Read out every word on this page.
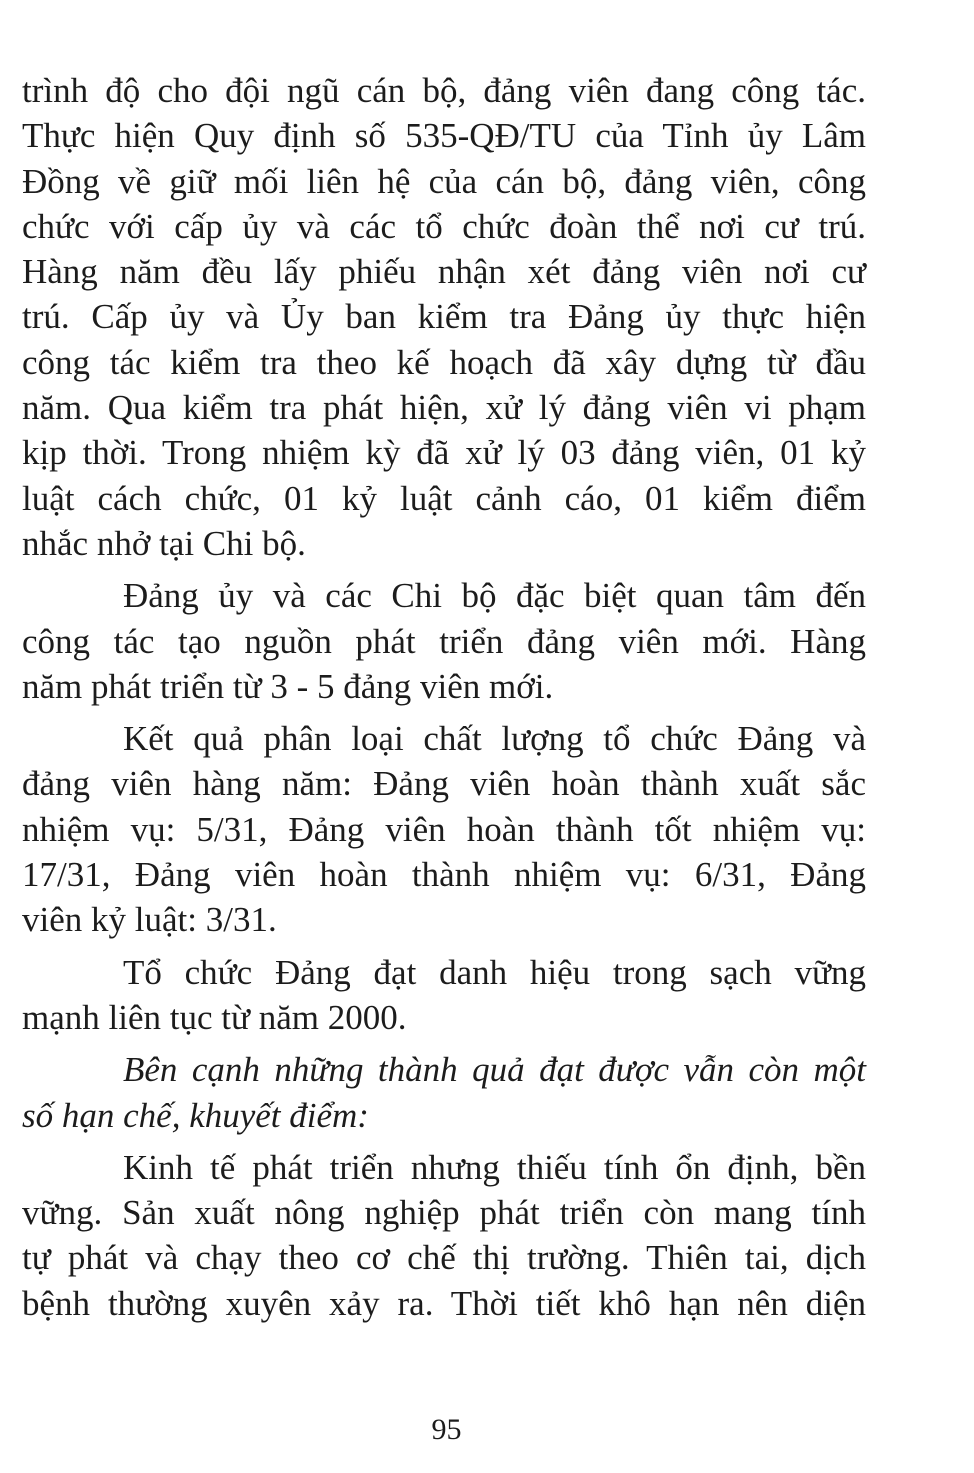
trình độ cho đội ngũ cán bộ, đảng viên đang công tác.
Thực hiện Quy định số 535-QĐ/TU của Tỉnh ủy Lâm
Đồng về giữ mối liên hệ của cán bộ, đảng viên, công
chức với cấp ủy và các tổ chức đoàn thể nơi cư trú.
Hàng năm đều lấy phiếu nhận xét đảng viên nơi cư
trú. Cấp ủy và Ủy ban kiểm tra Đảng ủy thực hiện
công tác kiểm tra theo kế hoạch đã xây dựng từ đầu
năm. Qua kiểm tra phát hiện, xử lý đảng viên vi phạm
kịp thời. Trong nhiệm kỳ đã xử lý 03 đảng viên, 01 kỷ
luật cách chức, 01 kỷ luật cảnh cáo, 01 kiểm điểm
nhắc nhở tại Chi bộ.
Đảng ủy và các Chi bộ đặc biệt quan tâm đến
công tác tạo nguồn phát triển đảng viên mới. Hàng
năm phát triển từ 3 - 5 đảng viên mới.
Kết quả phân loại chất lượng tổ chức Đảng và
đảng viên hàng năm: Đảng viên hoàn thành xuất sắc
nhiệm vụ: 5/31, Đảng viên hoàn thành tốt nhiệm vụ:
17/31, Đảng viên hoàn thành nhiệm vụ: 6/31, Đảng
viên kỷ luật: 3/31.
Tổ chức Đảng đạt danh hiệu trong sạch vững
mạnh liên tục từ năm 2000.
Bên cạnh những thành quả đạt được vẫn còn một
số hạn chế, khuyết điểm:
Kinh tế phát triển nhưng thiếu tính ổn định, bền
vững. Sản xuất nông nghiệp phát triển còn mang tính
tự phát và chạy theo cơ chế thị trường. Thiên tai, dịch
bệnh thường xuyên xảy ra. Thời tiết khô hạn nên diện
95
